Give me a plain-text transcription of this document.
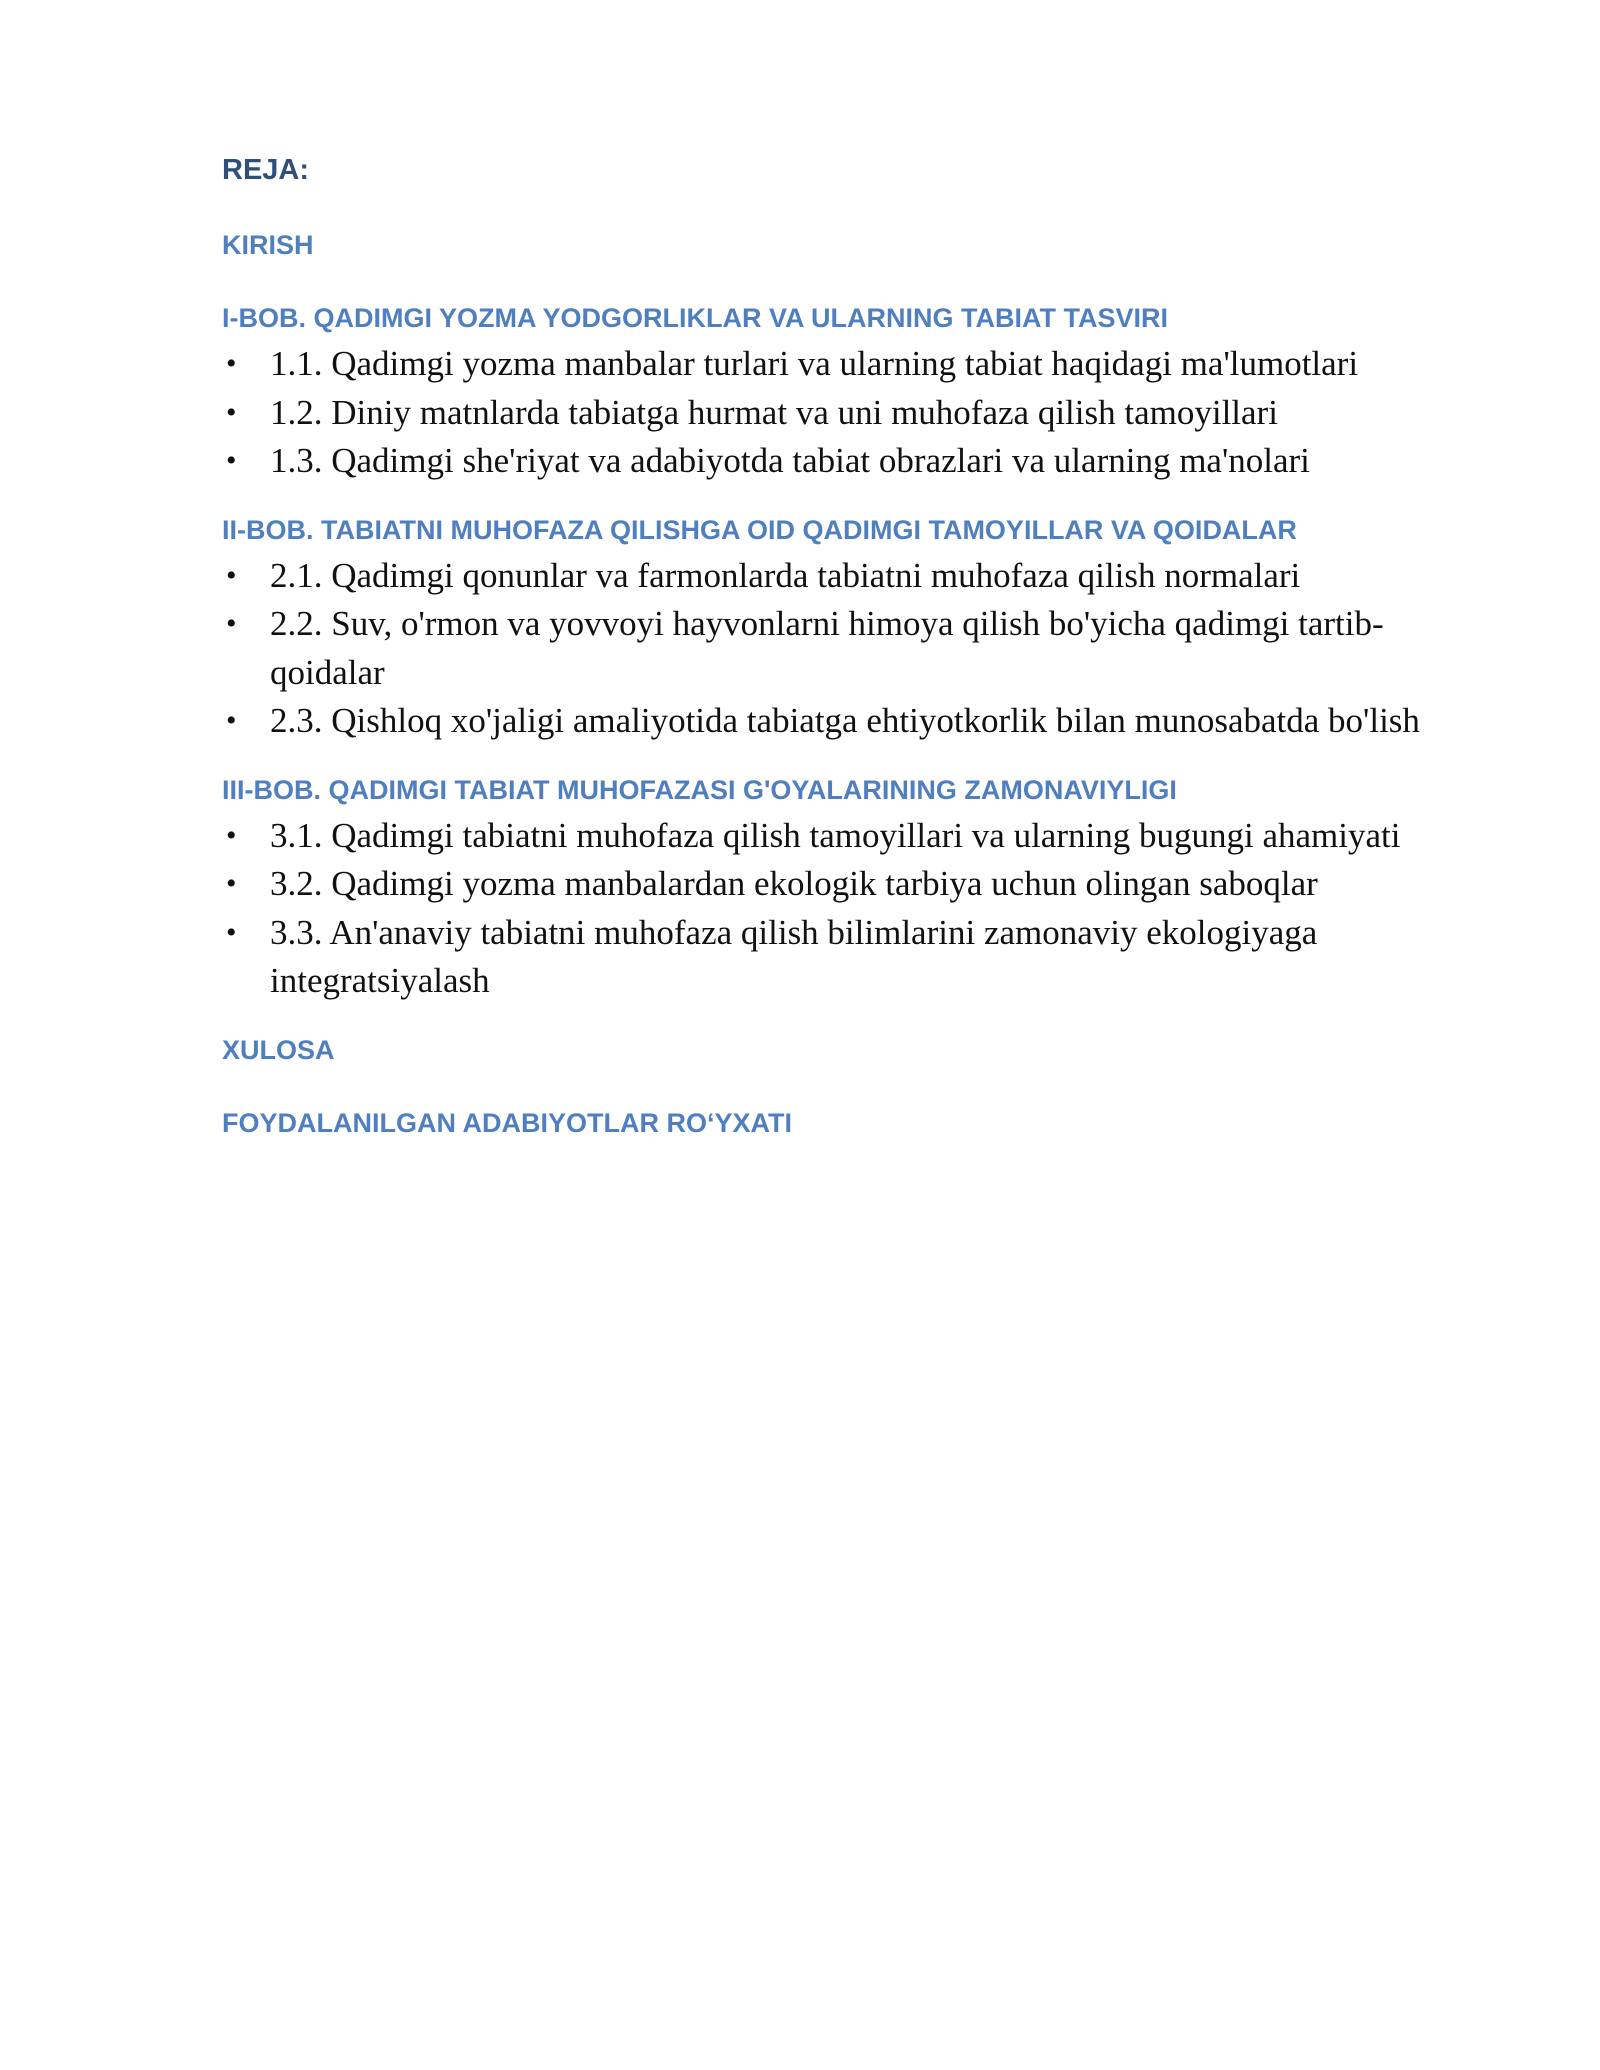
REJA:
KIRISH
I-BOB. QADIMGI YOZMA YODGORLIKLAR VA ULARNING TABIAT TASVIRI
• 1.1. Qadimgi yozma manbalar turlari va ularning tabiat haqidagi ma'lumotlari
• 1.2. Diniy matnlarda tabiatga hurmat va uni muhofaza qilish tamoyillari
• 1.3. Qadimgi she'riyat va adabiyotda tabiat obrazlari va ularning ma'nolari
II-BOB. TABIATNI MUHOFAZA QILISHGA OID QADIMGI TAMOYILLAR VA QOIDALAR
• 2.1. Qadimgi qonunlar va farmonlarda tabiatni muhofaza qilish normalari
• 2.2. Suv, o'rmon va yovvoyi hayvonlarni himoya qilish bo'yicha qadimgi tartib-qoidalar
• 2.3. Qishloq xo'jaligi amaliyotida tabiatga ehtiyotkorlik bilan munosabatda bo'lish
III-BOB. QADIMGI TABIAT MUHOFAZASI G'OYALARINING ZAMONAVIYLIGI
• 3.1. Qadimgi tabiatni muhofaza qilish tamoyillari va ularning bugungi ahamiyati
• 3.2. Qadimgi yozma manbalardan ekologik tarbiya uchun olingan saboqlar
• 3.3. An'anaviy tabiatni muhofaza qilish bilimlarini zamonaviy ekologiyaga integratsiyalash
XULOSA
FOYDALANILGAN ADABIYOTLAR RO‘YXATI
